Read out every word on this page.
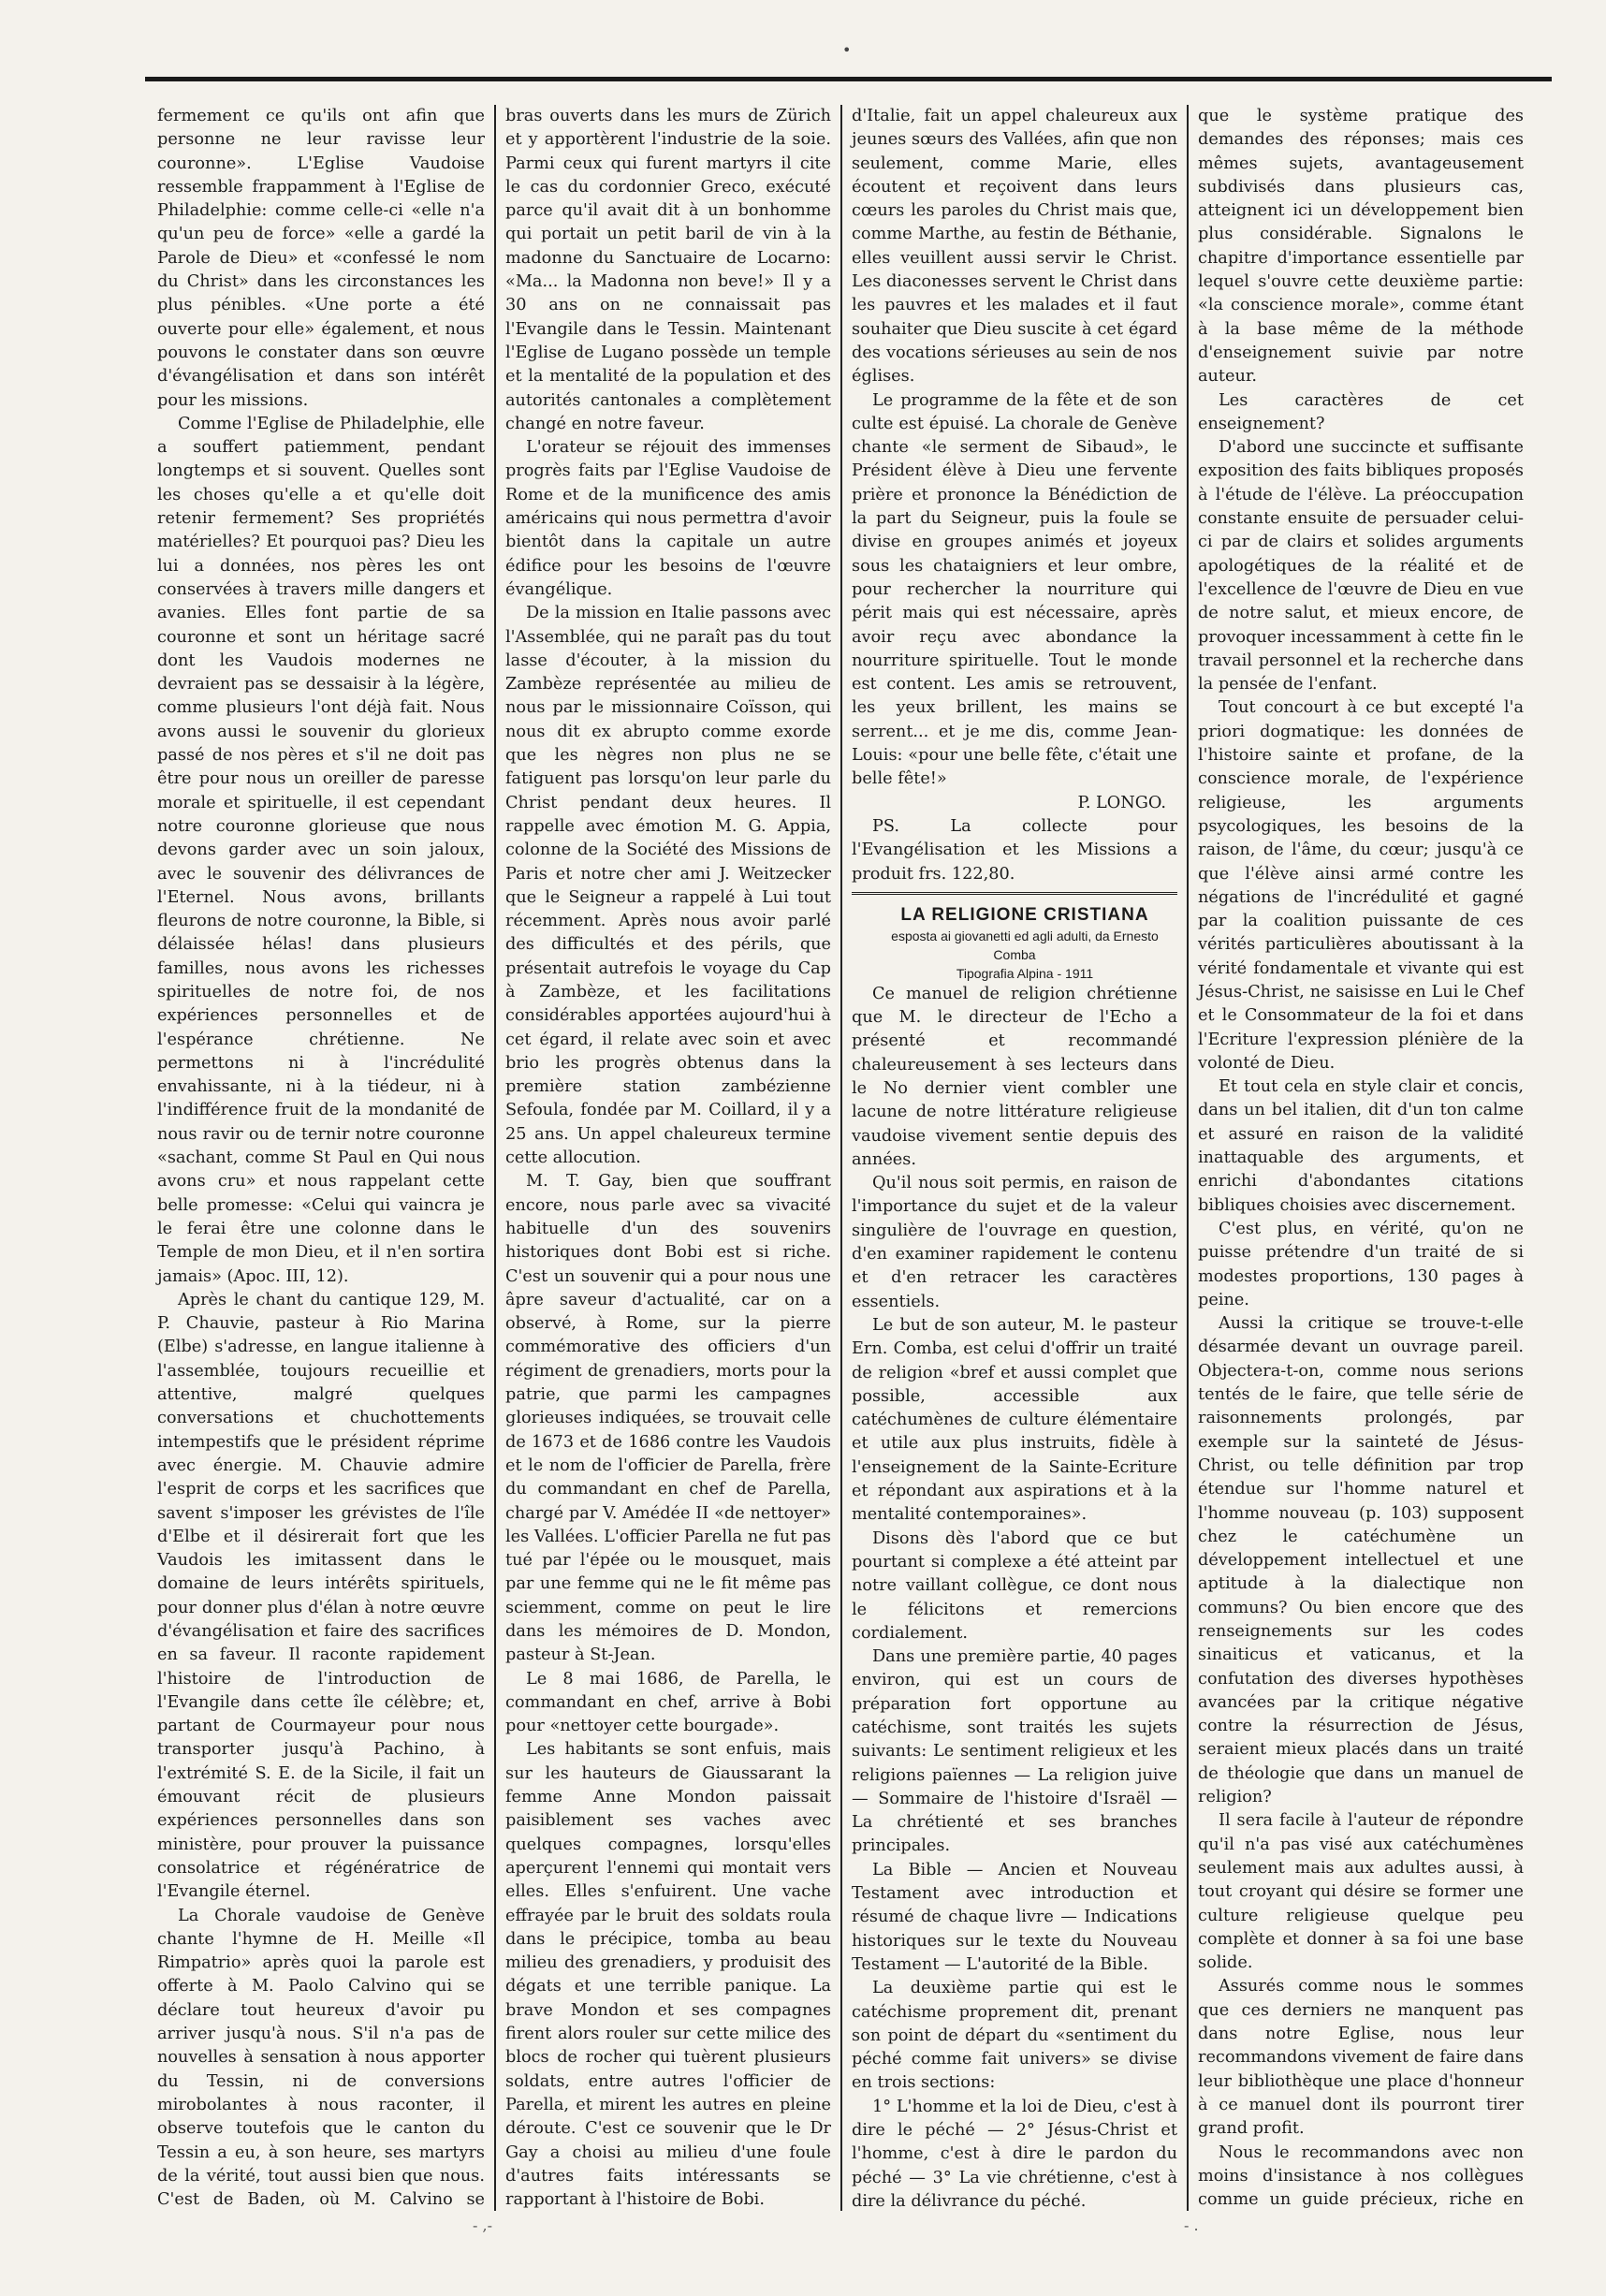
•

fermement ce qu'ils ont afin que personne ne leur ravisse leur couronne». L'Eglise Vaudoise ressemble frappamment à l'Eglise de Philadelphie: comme celle-ci «elle n'a qu'un peu de force» «elle a gardé la Parole de Dieu» et «confessé le nom du Christ» dans les circonstances les plus pénibles. «Une porte a été ouverte pour elle» également, et nous pouvons le constater dans son œuvre d'évangélisation et dans son intérêt pour les missions.

Comme l'Eglise de Philadelphie, elle a souffert patiemment, pendant longtemps et si souvent. Quelles sont les choses qu'elle a et qu'elle doit retenir fermement? Ses propriétés matérielles? Et pourquoi pas? Dieu les lui a données, nos pères les ont conservées à travers mille dangers et avanies. Elles font partie de sa couronne et sont un héritage sacré dont les Vaudois modernes ne devraient pas se dessaisir à la légère, comme plusieurs l'ont déjà fait. Nous avons aussi le souvenir du glorieux passé de nos pères et s'il ne doit pas être pour nous un oreiller de paresse morale et spirituelle, il est cependant notre couronne glorieuse que nous devons garder avec un soin jaloux, avec le souvenir des délivrances de l'Eternel. Nous avons, brillants fleurons de notre couronne, la Bible, si délaissée hélas! dans plusieurs familles, nous avons les richesses spirituelles de notre foi, de nos expériences personnelles et de l'espérance chrétienne. Ne permettons ni à l'incrédulité envahissante, ni à la tiédeur, ni à l'indifférence fruit de la mondanité de nous ravir ou de ternir notre couronne «sachant, comme St Paul en Qui nous avons cru» et nous rappelant cette belle promesse: «Celui qui vaincra je le ferai être une colonne dans le Temple de mon Dieu, et il n'en sortira jamais» (Apoc. III, 12).

Après le chant du cantique 129, M. P. Chauvie, pasteur à Rio Marina (Elbe) s'adresse, en langue italienne à l'assemblée, toujours recueillie et attentive, malgré quelques conversations et chuchottements intempestifs que le président réprime avec énergie. M. Chauvie admire l'esprit de corps et les sacrifices que savent s'imposer les grévistes de l'île d'Elbe et il désirerait fort que les Vaudois les imitassent dans le domaine de leurs intérêts spirituels, pour donner plus d'élan à notre œuvre d'évangélisation et faire des sacrifices en sa faveur. Il raconte rapidement l'histoire de l'introduction de l'Evangile dans cette île célèbre; et, partant de Courmayeur pour nous transporter jusqu'à Pachino, à l'extrémité S. E. de la Sicile, il fait un émouvant récit de plusieurs expériences personnelles dans son ministère, pour prouver la puissance consolatrice et régénératrice de l'Evangile éternel.

La Chorale vaudoise de Genève chante l'hymne de H. Meille «Il Rimpatrio» après quoi la parole est offerte à M. Paolo Calvino qui se déclare tout heureux d'avoir pu arriver jusqu'à nous. S'il n'a pas de nouvelles à sensation à nous apporter du Tessin, ni de conversions mirobolantes à nous raconter, il observe toutefois que le canton du Tessin a eu, à son heure, ses martyrs de la vérité, tout aussi bien que nous. C'est de Baden, où M. Calvino se

bras ouverts dans les murs de Zürich et y apportèrent l'industrie de la soie. Parmi ceux qui furent martyrs il cite le cas du cordonnier Greco, exécuté parce qu'il avait dit à un bonhomme qui portait un petit baril de vin à la madonne du Sanctuaire de Locarno: «Ma... la Madonna non beve!» Il y a 30 ans on ne connaissait pas l'Evangile dans le Tessin. Maintenant l'Eglise de Lugano possède un temple et la mentalité de la population et des autorités cantonales a complètement changé en notre faveur.

L'orateur se réjouit des immenses progrès faits par l'Eglise Vaudoise de Rome et de la munificence des amis américains qui nous permettra d'avoir bientôt dans la capitale un autre édifice pour les besoins de l'œuvre évangélique.

De la mission en Italie passons avec l'Assemblée, qui ne paraît pas du tout lasse d'écouter, à la mission du Zambèze représentée au milieu de nous par le missionnaire Coïsson, qui nous dit ex abrupto comme exorde que les nègres non plus ne se fatiguent pas lorsqu'on leur parle du Christ pendant deux heures. Il rappelle avec émotion M. G. Appia, colonne de la Société des Missions de Paris et notre cher ami J. Weitzecker que le Seigneur a rappelé à Lui tout récemment. Après nous avoir parlé des difficultés et des périls, que présentait autrefois le voyage du Cap à Zambèze, et les facilitations considérables apportées aujourd'hui à cet égard, il relate avec soin et avec brio les progrès obtenus dans la première station zambézienne Sefoula, fondée par M. Coillard, il y a 25 ans. Un appel chaleureux termine cette allocution.

M. T. Gay, bien que souffrant encore, nous parle avec sa vivacité habituelle d'un des souvenirs historiques dont Bobi est si riche. C'est un souvenir qui a pour nous une âpre saveur d'actualité, car on a observé, à Rome, sur la pierre commémorative des officiers d'un régiment de grenadiers, morts pour la patrie, que parmi les campagnes glorieuses indiquées, se trouvait celle de 1673 et de 1686 contre les Vaudois et le nom de l'officier de Parella, frère du commandant en chef de Parella, chargé par V. Amédée II «de nettoyer» les Vallées. L'officier Parella ne fut pas tué par l'épée ou le mousquet, mais par une femme qui ne le fit même pas sciemment, comme on peut le lire dans les mémoires de D. Mondon, pasteur à St-Jean.

Le 8 mai 1686, de Parella, le commandant en chef, arrive à Bobi pour «nettoyer cette bourgade».

Les habitants se sont enfuis, mais sur les hauteurs de Giaussarant la femme Anne Mondon paissait paisiblement ses vaches avec quelques compagnes, lorsqu'elles aperçurent l'ennemi qui montait vers elles. Elles s'enfuirent. Une vache effrayée par le bruit des soldats roula dans le précipice, tomba au beau milieu des grenadiers, y produisit des dégats et une terrible panique. La brave Mondon et ses compagnes firent alors rouler sur cette milice des blocs de rocher qui tuèrent plusieurs soldats, entre autres l'officier de Parella, et mirent les autres en pleine déroute. C'est ce souvenir que le Dr Gay a choisi au milieu d'une foule d'autres faits intéressants se rapportant à l'histoire de Bobi.

d'Italie, fait un appel chaleureux aux jeunes sœurs des Vallées, afin que non seulement, comme Marie, elles écoutent et reçoivent dans leurs cœurs les paroles du Christ mais que, comme Marthe, au festin de Béthanie, elles veuillent aussi servir le Christ. Les diaconesses servent le Christ dans les pauvres et les malades et il faut souhaiter que Dieu suscite à cet égard des vocations sérieuses au sein de nos églises.

Le programme de la fête et de son culte est épuisé. La chorale de Genève chante «le serment de Sibaud», le Président élève à Dieu une fervente prière et prononce la Bénédiction de la part du Seigneur, puis la foule se divise en groupes animés et joyeux sous les chataigniers et leur ombre, pour rechercher la nourriture qui périt mais qui est nécessaire, après avoir reçu avec abondance la nourriture spirituelle. Tout le monde est content. Les amis se retrouvent, les yeux brillent, les mains se serrent... et je me dis, comme Jean-Louis: «pour une belle fête, c'était une belle fête!»

P. LONGO.

PS. La collecte pour l'Evangélisation et les Missions a produit frs. 122,80.

LA RELIGIONE CRISTIANA

esposta ai giovanetti ed agli adulti, da Ernesto Comba

Tipografia Alpina - 1911

Ce manuel de religion chrétienne que M. le directeur de l'Echo a présenté et recommandé chaleureusement à ses lecteurs dans le No dernier vient combler une lacune de notre littérature religieuse vaudoise vivement sentie depuis des années.

Qu'il nous soit permis, en raison de l'importance du sujet et de la valeur singulière de l'ouvrage en question, d'en examiner rapidement le contenu et d'en retracer les caractères essentiels.

Le but de son auteur, M. le pasteur Ern. Comba, est celui d'offrir un traité de religion «bref et aussi complet que possible, accessible aux catéchumènes de culture élémentaire et utile aux plus instruits, fidèle à l'enseignement de la Sainte-Ecriture et répondant aux aspirations et à la mentalité contemporaines».

Disons dès l'abord que ce but pourtant si complexe a été atteint par notre vaillant collègue, ce dont nous le félicitons et remercions cordialement.

Dans une première partie, 40 pages environ, qui est un cours de préparation fort opportune au catéchisme, sont traités les sujets suivants: Le sentiment religieux et les religions païennes — La religion juive — Sommaire de l'histoire d'Israël — La chrétienté et ses branches principales.

La Bible — Ancien et Nouveau Testament avec introduction et résumé de chaque livre — Indications historiques sur le texte du Nouveau Testament — L'autorité de la Bible.

La deuxième partie qui est le catéchisme proprement dit, prenant son point de départ du «sentiment du péché comme fait univers» se divise en trois sections:

1° L'homme et la loi de Dieu, c'est à dire le péché — 2° Jésus-Christ et l'homme, c'est à dire le pardon du péché — 3° La vie chrétienne, c'est à dire la délivrance du péché.

que le système pratique des demandes des réponses; mais ces mêmes sujets, avantageusement subdivisés dans plusieurs cas, atteignent ici un développement bien plus considérable. Signalons le chapitre d'importance essentielle par lequel s'ouvre cette deuxième partie: «la conscience morale», comme étant à la base même de la méthode d'enseignement suivie par notre auteur.

Les caractères de cet enseignement?

D'abord une succincte et suffisante exposition des faits bibliques proposés à l'étude de l'élève. La préoccupation constante ensuite de persuader celui-ci par de clairs et solides arguments apologétiques de la réalité et de l'excellence de l'œuvre de Dieu en vue de notre salut, et mieux encore, de provoquer incessamment à cette fin le travail personnel et la recherche dans la pensée de l'enfant.

Tout concourt à ce but excepté l'a priori dogmatique: les données de l'histoire sainte et profane, de la conscience morale, de l'expérience religieuse, les arguments psycologiques, les besoins de la raison, de l'âme, du cœur; jusqu'à ce que l'élève ainsi armé contre les négations de l'incrédulité et gagné par la coalition puissante de ces vérités particulières aboutissant à la vérité fondamentale et vivante qui est Jésus-Christ, ne saisisse en Lui le Chef et le Consommateur de la foi et dans l'Ecriture l'expression plénière de la volonté de Dieu.

Et tout cela en style clair et concis, dans un bel italien, dit d'un ton calme et assuré en raison de la validité inattaquable des arguments, et enrichi d'abondantes citations bibliques choisies avec discernement.

C'est plus, en vérité, qu'on ne puisse prétendre d'un traité de si modestes proportions, 130 pages à peine.

Aussi la critique se trouve-t-elle désarmée devant un ouvrage pareil. Objectera-t-on, comme nous serions tentés de le faire, que telle série de raisonnements prolongés, par exemple sur la sainteté de Jésus-Christ, ou telle définition par trop étendue sur l'homme naturel et l'homme nouveau (p. 103) supposent chez le catéchumène un développement intellectuel et une aptitude à la dialectique non communs? Ou bien encore que des renseignements sur les codes sinaiticus et vaticanus, et la confutation des diverses hypothèses avancées par la critique négative contre la résurrection de Jésus, seraient mieux placés dans un traité de théologie que dans un manuel de religion?

Il sera facile à l'auteur de répondre qu'il n'a pas visé aux catéchumènes seulement mais aux adultes aussi, à tout croyant qui désire se former une culture religieuse quelque peu complète et donner à sa foi une base solide.

Assurés comme nous le sommes que ces derniers ne manquent pas dans notre Eglise, nous leur recommandons vivement de faire dans leur bibliothèque une place d'honneur à ce manuel dont ils pourront tirer grand profit.

Nous le recommandons avec non moins d'insistance à nos collègues comme un guide précieux, riche en

- ,-	- .
